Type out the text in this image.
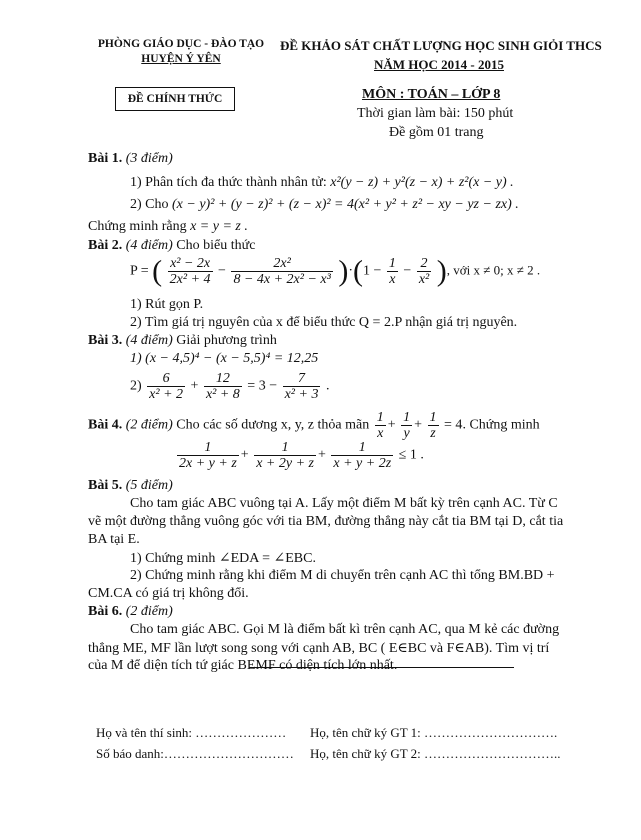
PHÒNG GIÁO DỤC - ĐÀO TẠO
HUYỆN Ý YÊN
ĐỀ KHẢO SÁT CHẤT LƯỢNG HỌC SINH GIỎI THCS
NĂM HỌC 2014 - 2015
ĐỀ CHÍNH THỨC	MÔN : TOÁN – LỚP 8
Thời gian làm bài: 150 phút
Đề gồm 01 trang
Bài 1. (3 điểm)
1) Phân tích đa thức thành nhân tử: x²(y − z) + y²(z − x) + z²(x − y) .
2) Cho (x − y)² + (y − z)² + (z − x)² = 4(x² + y² + z² − xy − yz − zx) .
Chứng minh rằng x = y = z .
Bài 2. (4 điểm) Cho biểu thức
P = ( $\frac{\text{x² − 2x}}{\text{2x² + 4}} - \frac{\text{2x²}}{\text{8 − 4x + 2x² − x³}} )\cdot(1 - \frac{1}{x} - \frac{2}{\text{x²}}$ ), với x ≠ 0; x ≠ 2 .
1) Rút gọn P.
2) Tìm giá trị nguyên của x để biểu thức Q = 2.P nhận giá trị nguyên.
Bài 3. (4 điểm) Giải phương trình
1) (x − 4,5)⁴ − (x − 5,5)⁴ = 12,25
$2) \frac{6}{\text{x² + 2}} + \frac{12}{\text{x² + 8}} = 3 - \frac{7}{\text{x² + 3}}$ .
Bài 4. (2 điểm) Cho các số dương x, y, z thỏa mãn $\frac{1}{x} + \frac{1}{y} + \frac{1}{z} = 4$. Chứng minh
$\frac{1}{2x + y + z} + \frac{1}{x + 2y + z} + \frac{1}{x + y + 2z} \le 1$ .
Bài 5. (5 điểm)
Cho tam giác ABC vuông tại A. Lấy một điểm M bất kỳ trên cạnh AC. Từ C
vẽ một đường thẳng vuông góc với tia BM, đường thẳng này cắt tia BM tại D, cắt tia
BA tại E.
1) Chứng minh ∠EDA = ∠EBC.
2) Chứng minh rằng khi điểm M di chuyển trên cạnh AC thì tổng BM.BD +
CM.CA có giá trị không đổi.
Bài 6. (2 điểm)
Cho tam giác ABC. Gọi M là điểm bất kì trên cạnh AC, qua M kẻ các đường
thẳng ME, MF lần lượt song song với cạnh AB, BC ( E∈BC và F∈AB). Tìm vị trí
của M để diện tích tứ giác BEMF có diện tích lớn nhất.
Họ và tên thí sinh: …………………
Số báo danh:…………………………
Họ, tên chữ ký GT 1: ………………………….
Họ, tên chữ ký GT 2: …………………………..
